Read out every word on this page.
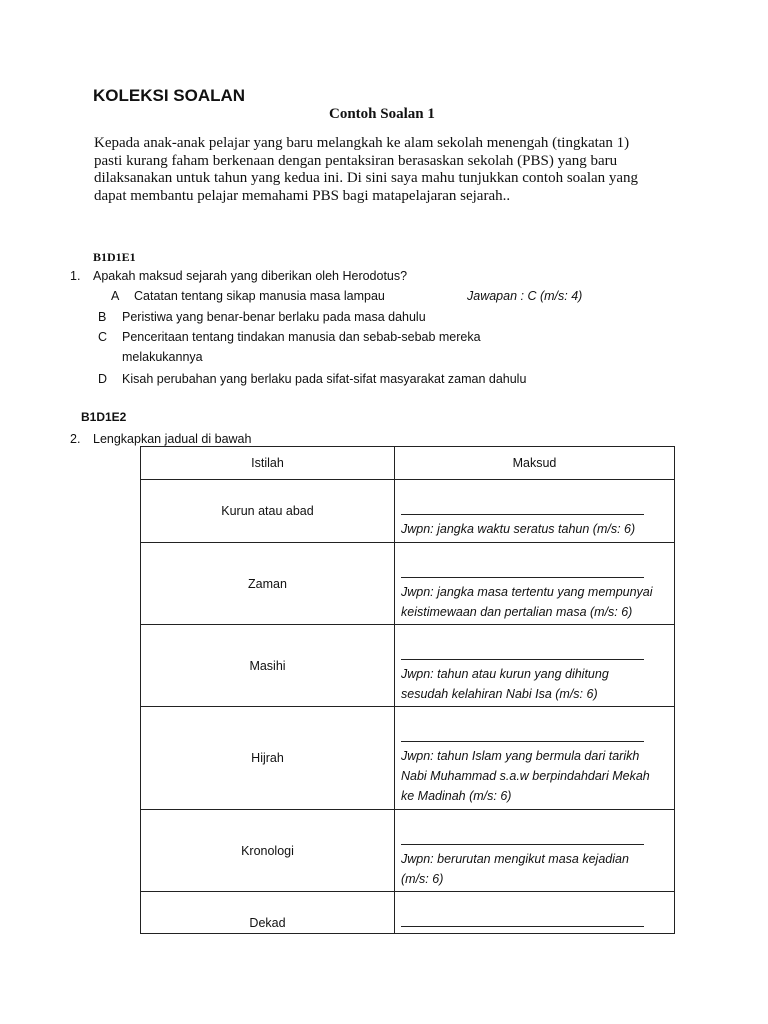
KOLEKSI SOALAN
Contoh Soalan 1

Kepada anak-anak pelajar yang baru melangkah ke alam sekolah menengah (tingkatan 1)

pasti kurang faham berkenaan dengan pentaksiran berasaskan sekolah (PBS) yang baru

dilaksanakan untuk tahun yang kedua ini. Di sini saya mahu tunjukkan contoh soalan yang

dapat membantu pelajar memahami PBS bagi matapelajaran sejarah..

B1D1E1
1. Apakah maksud sejarah yang diberikan oleh Herodotus?
A Catatan tentang sikap manusia masa lampau	Jawapan : C (m/s: 4)
B Peristiwa yang benar-benar berlaku pada masa dahulu
C Penceritaan tentang tindakan manusia dan sebab-sebab mereka
melakukannya
D Kisah perubahan yang berlaku pada sifat-sifat masyarakat zaman dahulu
B1D1E2
2. Lengkapkan jadual di bawah
Istilah	Maksud
Kurun atau abad	Jwpn: jangka waktu seratus tahun (m/s: 6)

Zaman	Jwpn: jangka masa tertentu yang mempunyai

keistimewaan dan pertalian masa (m/s: 6)

Masihi	Jwpn: tahun atau kurun yang dihitung

sesudah kelahiran Nabi Isa (m/s: 6)

Hijrah	Jwpn: tahun Islam yang bermula dari tarikh

Nabi Muhammad s.a.w berpindahdari Mekah

ke Madinah (m/s: 6)

Kronologi	Jwpn: berurutan mengikut masa kejadian

(m/s: 6)

Dekad	
